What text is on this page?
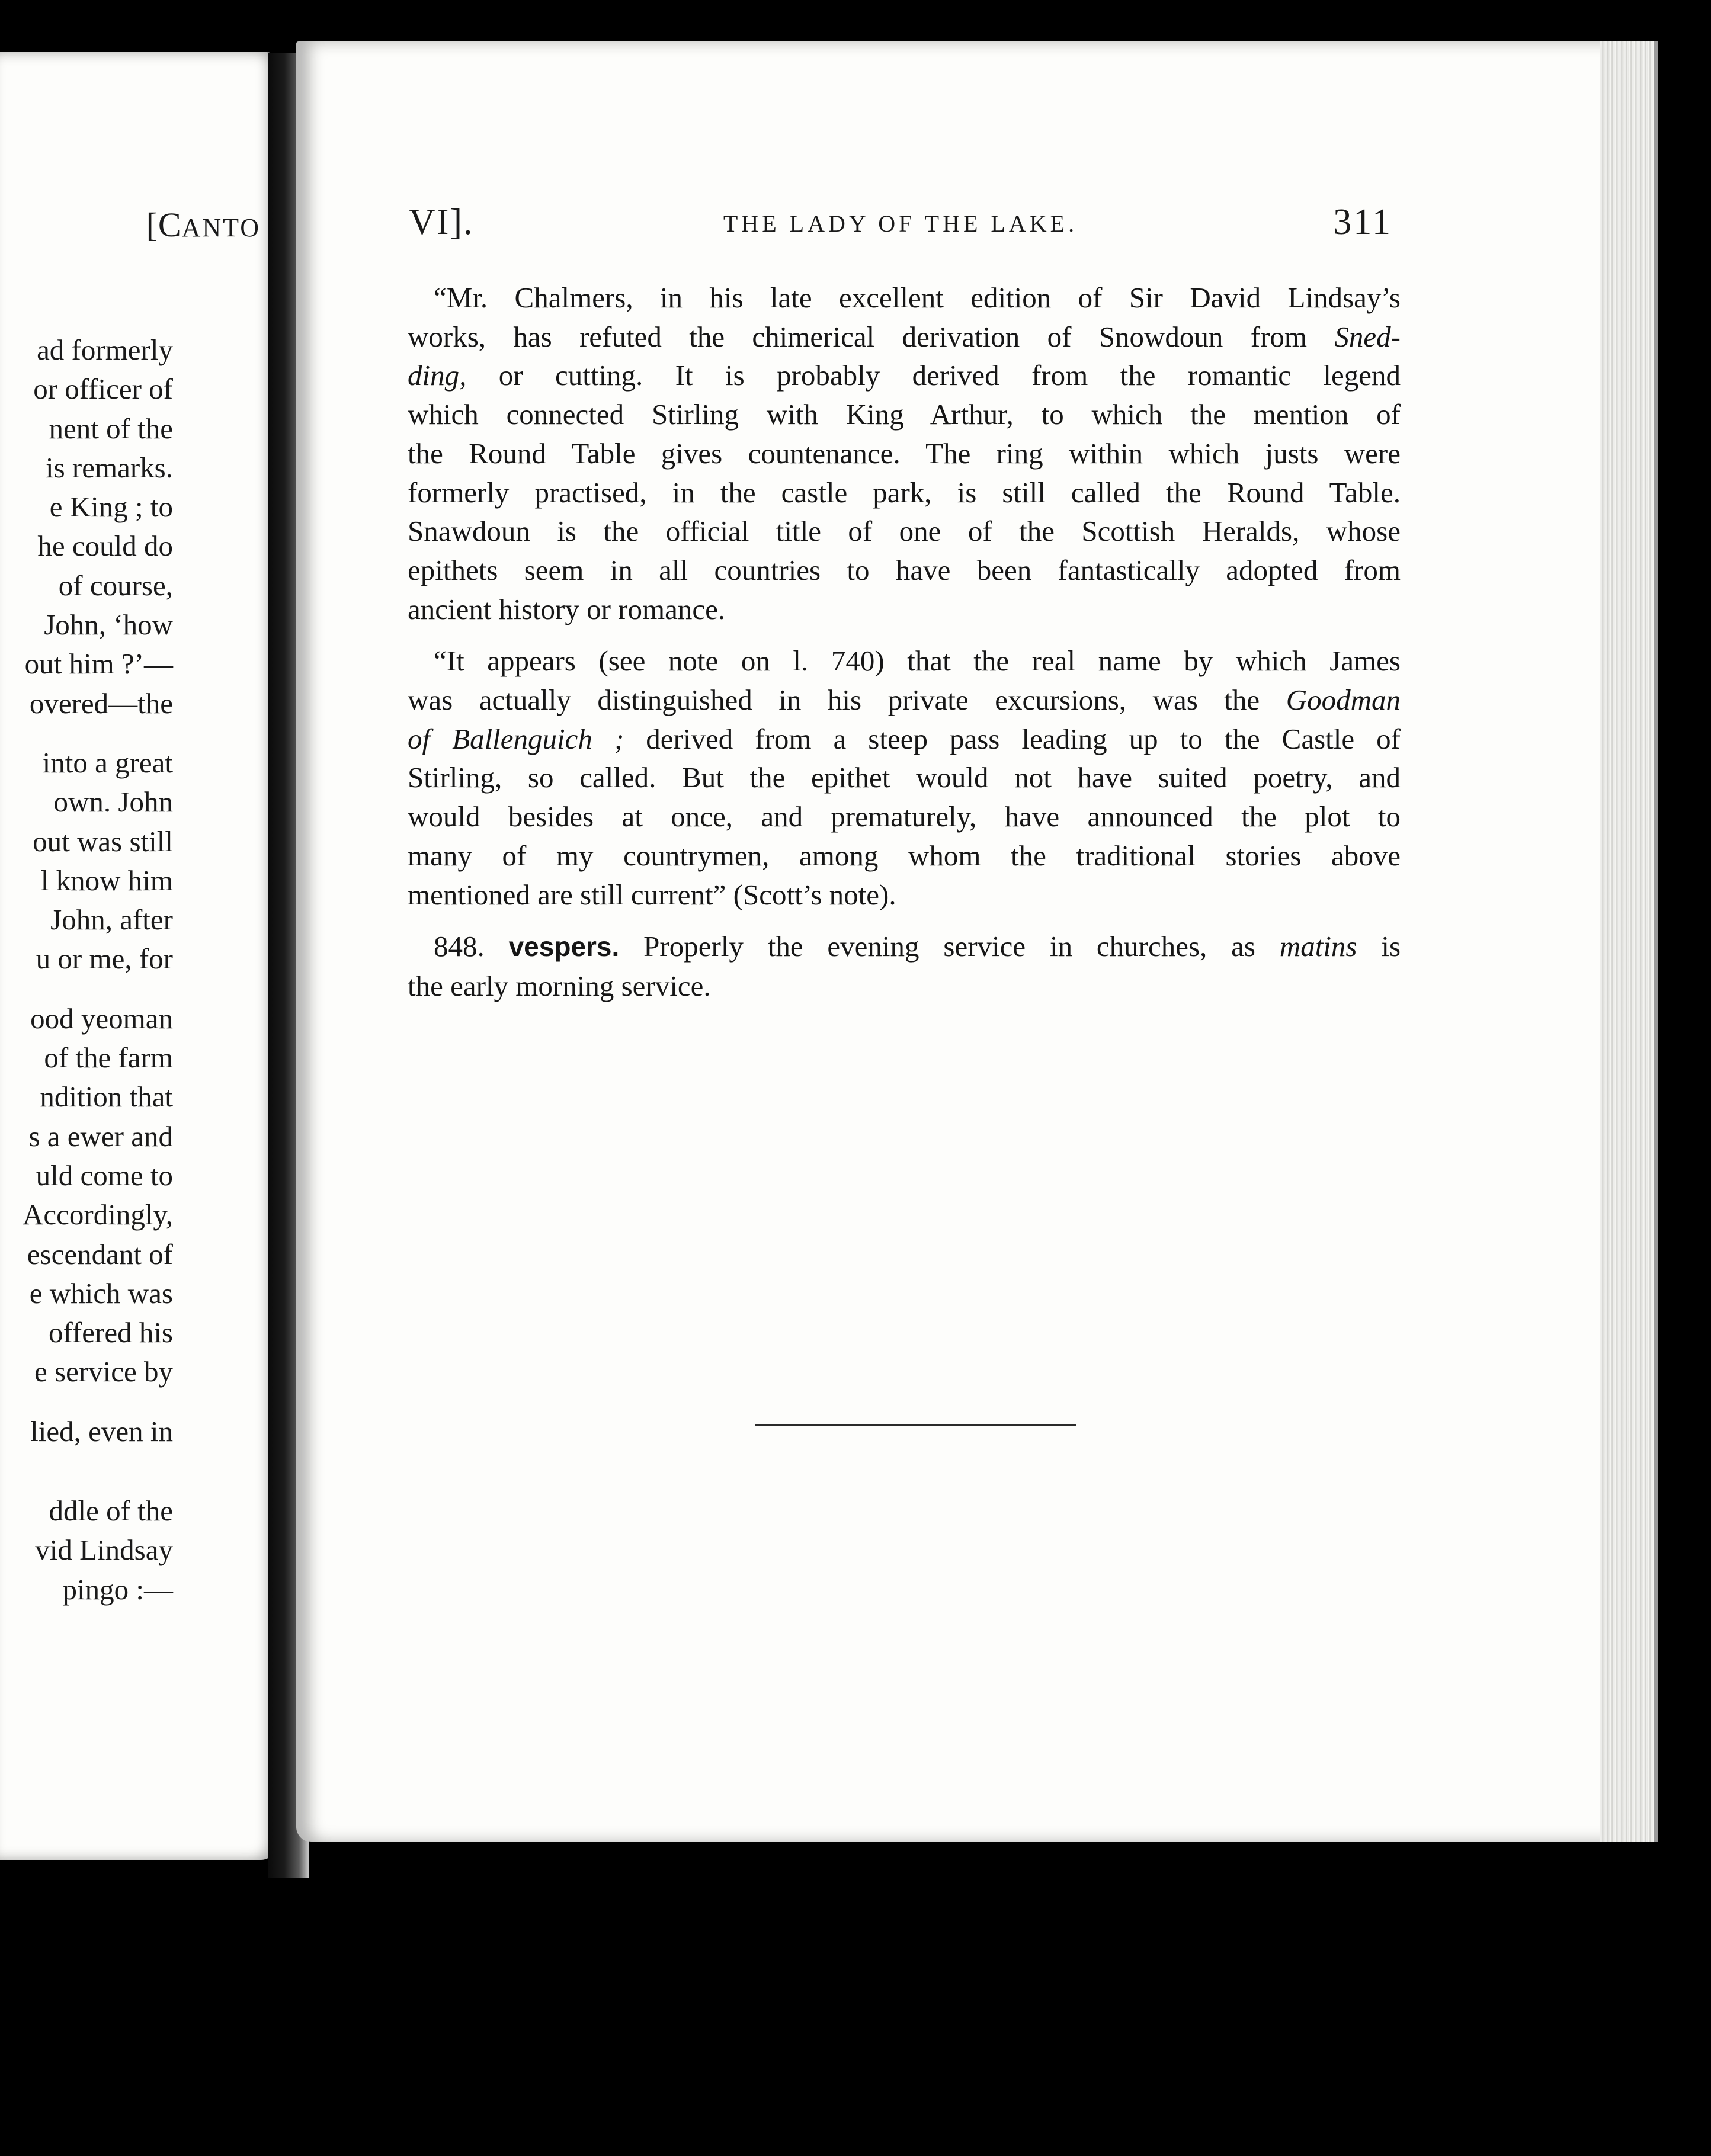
[CANTO
ad formerly
or officer of
nent of the
is remarks.
e King ; to
he could do
of course,
John, ‘how
out him ?’—
overed—the
into a great
own. John
out was still
l know him
John, after
u or me, for
ood yeoman
of the farm
ndition that
s a ewer and
uld come to
Accordingly,
escendant of
e which was
offered his
e service by
lied, even in
ddle of the
vid Lindsay
pingo :—
VI].	THE LADY OF THE LAKE.	311

“Mr. Chalmers, in his late excellent edition of Sir David Lindsay’s
works, has refuted the chimerical derivation of Snowdoun from Sned-
ding, or cutting. It is probably derived from the romantic legend
which connected Stirling with King Arthur, to which the mention of
the Round Table gives countenance. The ring within which justs were
formerly practised, in the castle park, is still called the Round Table.
Snawdoun is the official title of one of the Scottish Heralds, whose
epithets seem in all countries to have been fantastically adopted from
ancient history or romance.

“It appears (see note on l. 740) that the real name by which James
was actually distinguished in his private excursions, was the Goodman
of Ballenguich ; derived from a steep pass leading up to the Castle of
Stirling, so called. But the epithet would not have suited poetry, and
would besides at once, and prematurely, have announced the plot to
many of my countrymen, among whom the traditional stories above
mentioned are still current” (Scott’s note).

848. vespers. Properly the evening service in churches, as matins is
the early morning service.
